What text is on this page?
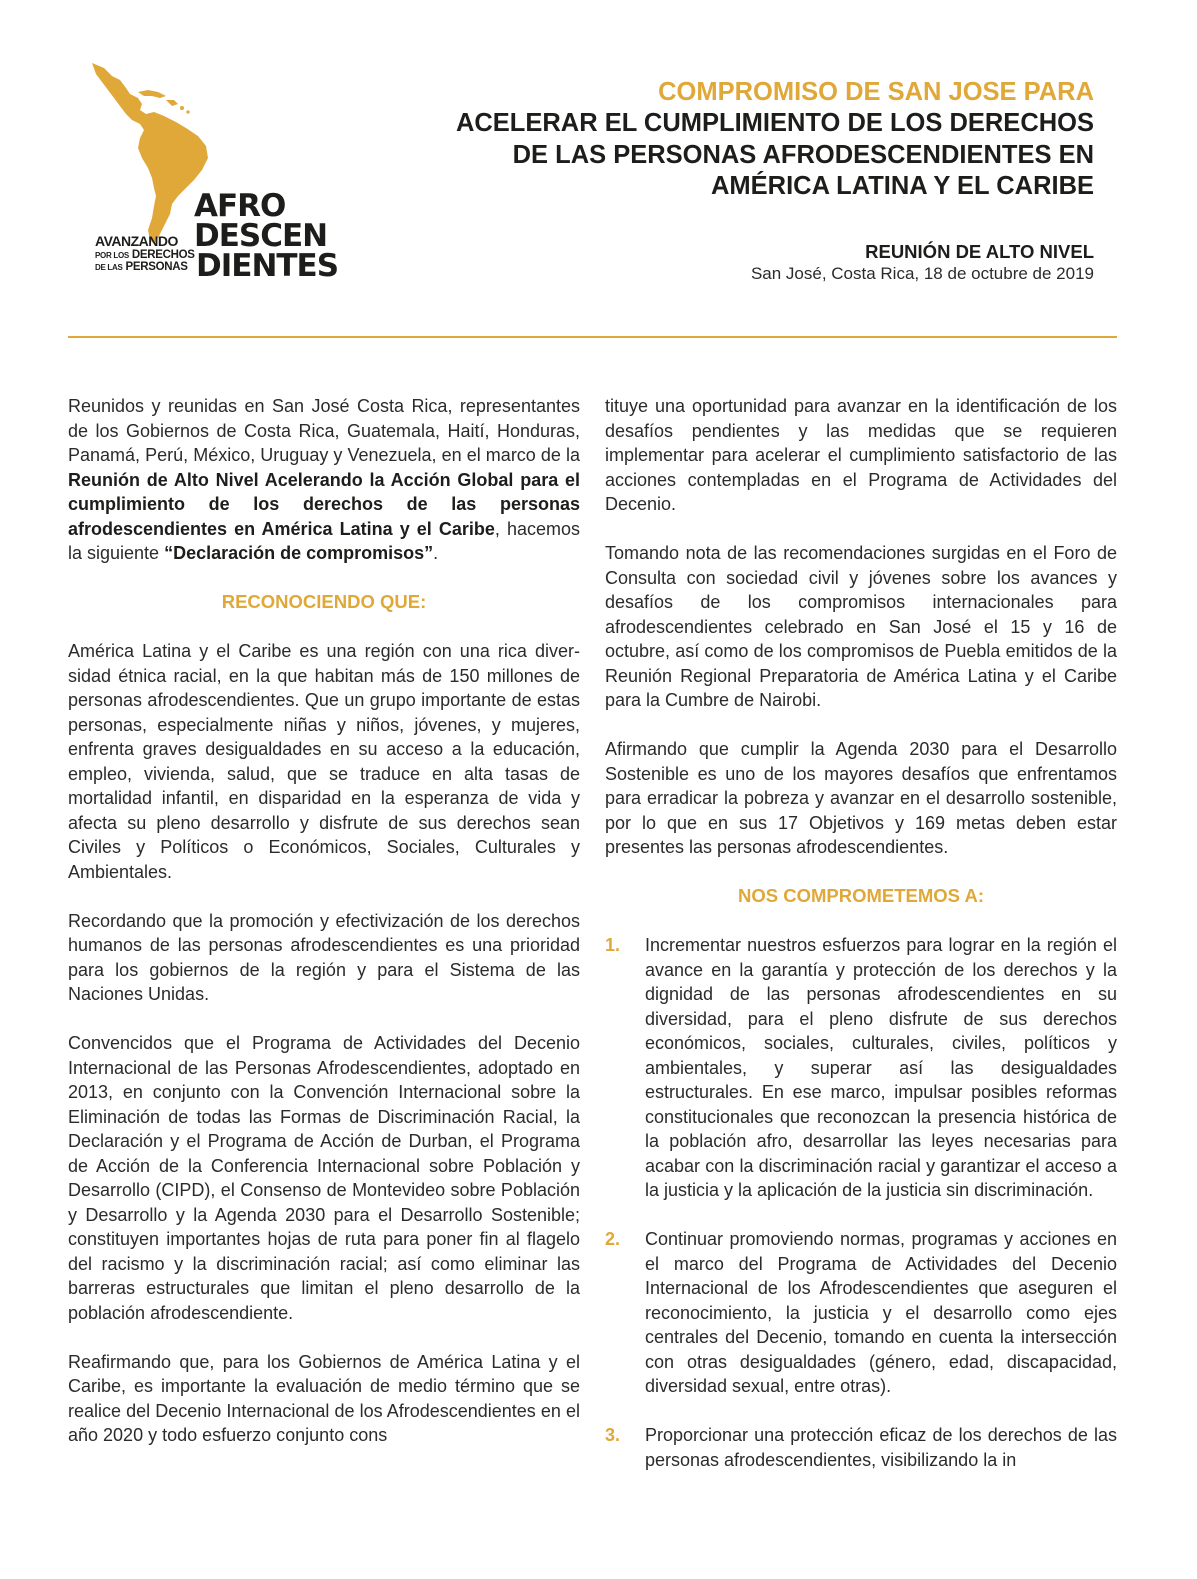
AFRO
DESCEN
DIENTES
AVANZANDO
POR LOS DERECHOS
DE LAS PERSONAS
COMPROMISO DE SAN JOSE PARA
ACELERAR EL CUMPLIMIENTO DE LOS DERECHOS
DE LAS PERSONAS AFRODESCENDIENTES EN
AMÉRICA LATINA Y EL CARIBE
REUNIÓN DE ALTO NIVEL
San José, Costa Rica, 18 de octubre de 2019

Reunidos y reunidas en San José Costa Rica, representantes de los Gobiernos de Costa Rica, Guatemala, Haití, Honduras, Panamá, Perú, México, Uruguay y Venezuela, en el marco de la Reunión de Alto Nivel Acelerando la Acción Global para el cumplimiento de los derechos de las personas afrodescendientes en América Latina y el Caribe, hacemos la siguiente “Declaración de compromisos”.

RECONOCIENDO QUE:

América Latina y el Caribe es una región con una rica diversidad étnica racial, en la que habitan más de 150 millones de personas afrodescendientes. Que un grupo importante de estas personas, especialmente niñas y niños, jóvenes, y mujeres, enfrenta graves desigualdades en su acceso a la educación, empleo, vivienda, salud, que se traduce en alta tasas de mortalidad infantil, en disparidad en la esperanza de vida y afecta su pleno desarrollo y disfrute de sus derechos sean Civiles y Políticos o Económicos, Sociales, Culturales y Ambientales.

Recordando que la promoción y efectivización de los derechos humanos de las personas afrodescendientes es una prioridad para los gobiernos de la región y para el Sistema de las Naciones Unidas.

Convencidos que el Programa de Actividades del Decenio Internacional de las Personas Afrodescendientes, adoptado en 2013, en conjunto con la Convención Internacional sobre la Eliminación de todas las Formas de Discriminación Racial, la Declaración y el Programa de Acción de Durban, el Programa de Acción de la Conferencia Internacional sobre Población y Desarrollo (CIPD), el Consenso de Montevideo sobre Población y Desarrollo y la Agenda 2030 para el Desarrollo Sostenible; constituyen importantes hojas de ruta para poner fin al flagelo del racismo y la discriminación racial; así como eliminar las barreras estructurales que limitan el pleno desarrollo de la población afrodescendiente.

Reafirmando que, para los Gobiernos de América Latina y el Caribe, es importante la evaluación de medio término que se realice del Decenio Internacional de los Afrodescendientes en el año 2020 y todo esfuerzo conjunto cons

tituye una oportunidad para avanzar en la identificación de los desafíos pendientes y las medidas que se requieren implementar para acelerar el cumplimiento satisfactorio de las acciones contempladas en el Programa de Actividades del Decenio.

Tomando nota de las recomendaciones surgidas en el Foro de Consulta con sociedad civil y jóvenes sobre los avances y desafíos de los compromisos internacionales para afrodescendientes celebrado en San José el 15 y 16 de octubre, así como de los compromisos de Puebla emitidos de la Reunión Regional Preparatoria de América Latina y el Caribe para la Cumbre de Nairobi.

Afirmando que cumplir la Agenda 2030 para el Desarrollo Sostenible es uno de los mayores desafíos que enfrentamos para erradicar la pobreza y avanzar en el desarrollo sostenible, por lo que en sus 17 Objetivos y 169 metas deben estar presentes las personas afrodescendientes.

NOS COMPROMETEMOS A:
1. Incrementar nuestros esfuerzos para lograr en la región el avance en la garantía y protección de los derechos y la dignidad de las personas afrodescendientes en su diversidad, para el pleno disfrute de sus derechos económicos, sociales, culturales, civiles, políticos y ambientales, y superar así las desigualdades estructurales. En ese marco, impulsar posibles reformas constitucionales que reconozcan la presencia histórica de la población afro, desarrollar las leyes necesarias para acabar con la discriminación racial y garantizar el acceso a la justicia y la aplicación de la justicia sin discriminación.
2. Continuar promoviendo normas, programas y acciones en el marco del Programa de Actividades del Decenio Internacional de los Afrodescendientes que aseguren el reconocimiento, la justicia y el desarrollo como ejes centrales del Decenio, tomando en cuenta la intersección con otras desigualdades (género, edad, discapacidad, diversidad sexual, entre otras).
3. Proporcionar una protección eficaz de los derechos de las personas afrodescendientes, visibilizando la in
